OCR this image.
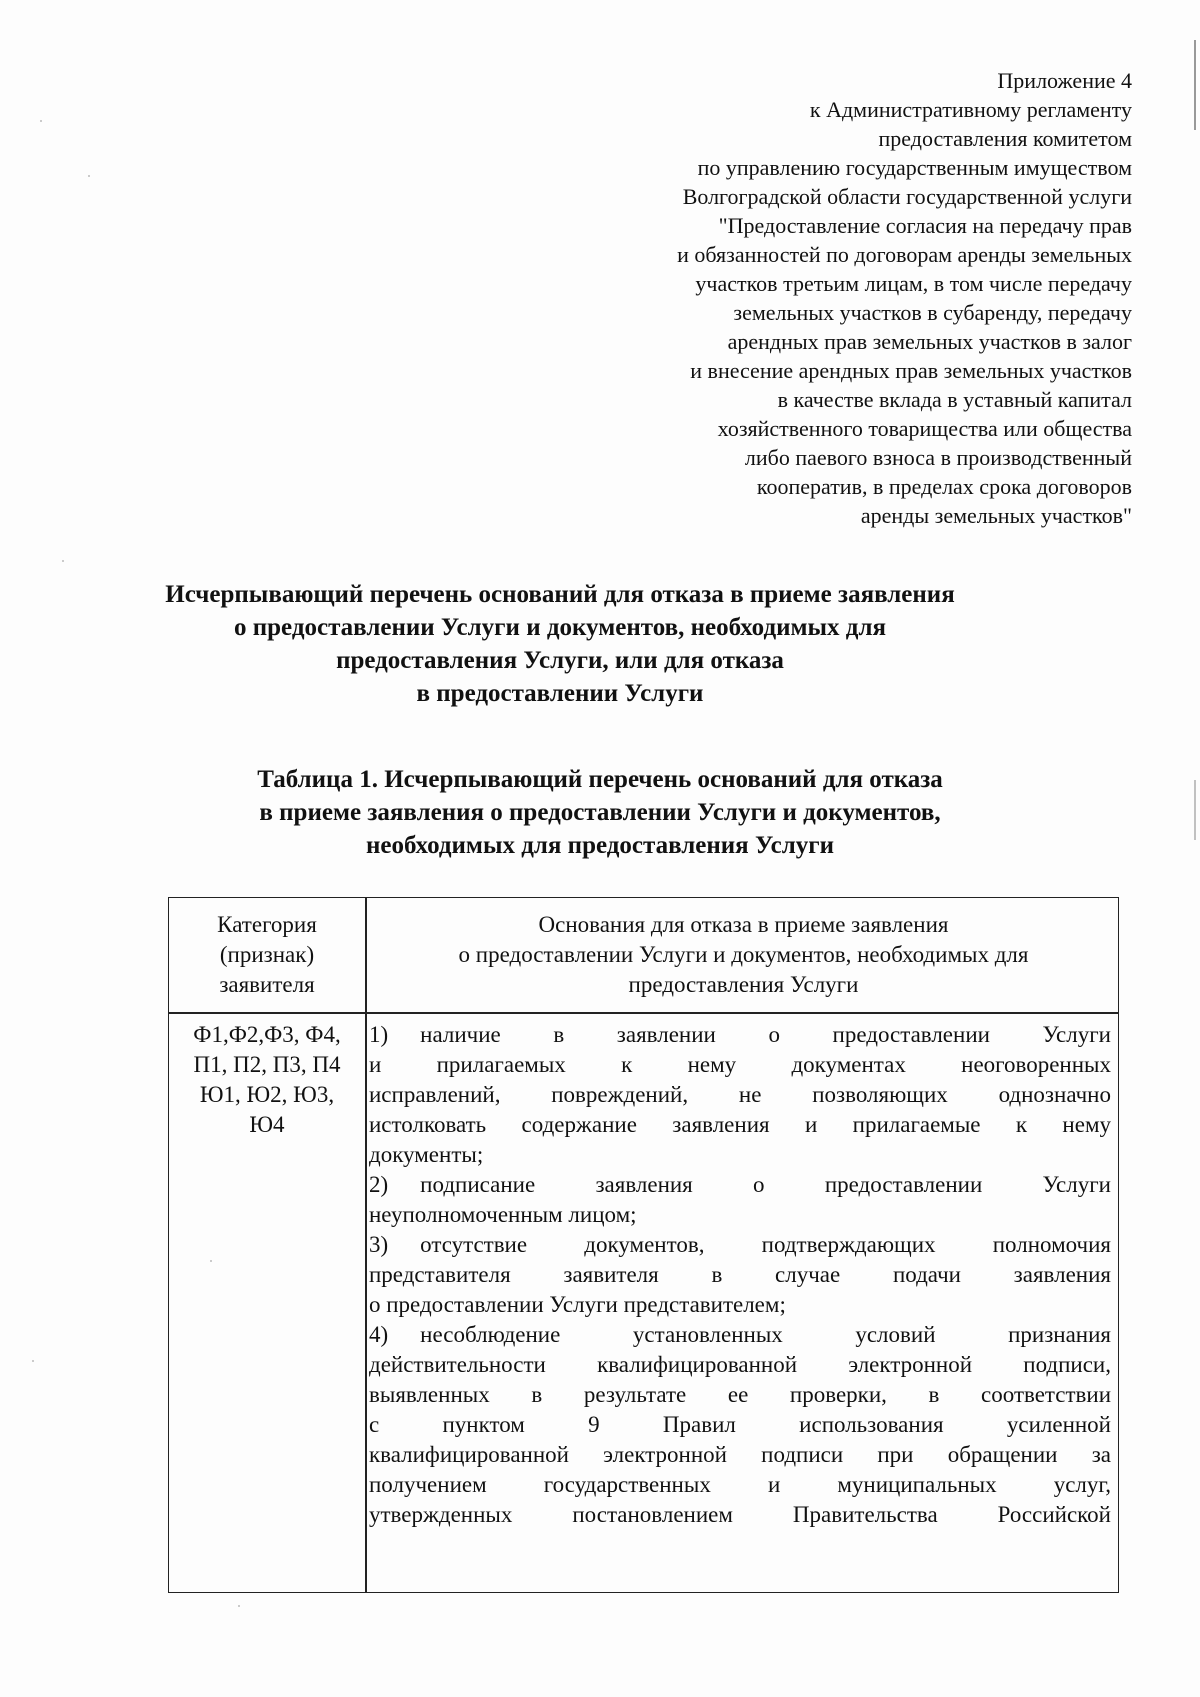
Приложение 4
к Административному регламенту
предоставления комитетом
по управлению государственным имуществом
Волгоградской области государственной услуги
"Предоставление согласия на передачу прав
и обязанностей по договорам аренды земельных
участков третьим лицам, в том числе передачу
земельных участков в субаренду, передачу
арендных прав земельных участков в залог
и внесение арендных прав земельных участков
в качестве вклада в уставный капитал
хозяйственного товарищества или общества
либо паевого взноса в производственный
кооператив, в пределах срока договоров
аренды земельных участков"
Исчерпывающий перечень оснований для отказа в приеме заявления
о предоставлении Услуги и документов, необходимых для
предоставления Услуги, или для отказа
в предоставлении Услуги
Таблица 1. Исчерпывающий перечень оснований для отказа
в приеме заявления о предоставлении Услуги и документов,
необходимых для предоставления Услуги
Категория
(признак)
заявителя
Основания для отказа в приеме заявления
о предоставлении Услуги и документов, необходимых для
предоставления Услуги
Ф1,Ф2,Ф3, Ф4,
П1, П2, П3, П4
Ю1, Ю2, Ю3,
Ю4
1) наличие в заявлении о предоставлении Услуги
и прилагаемых к нему документах неоговоренных
исправлений, повреждений, не позволяющих однозначно
истолковать содержание заявления и прилагаемые к нему
документы;
2) подписание заявления о предоставлении Услуги
неуполномоченным лицом;
3) отсутствие документов, подтверждающих полномочия
представителя заявителя в случае подачи заявления
о предоставлении Услуги представителем;
4) несоблюдение установленных условий признания
действительности квалифицированной электронной подписи,
выявленных в результате ее проверки, в соответствии
с пунктом 9 Правил использования усиленной
квалифицированной электронной подписи при обращении за
получением государственных и муниципальных услуг,
утвержденных постановлением Правительства Российской
